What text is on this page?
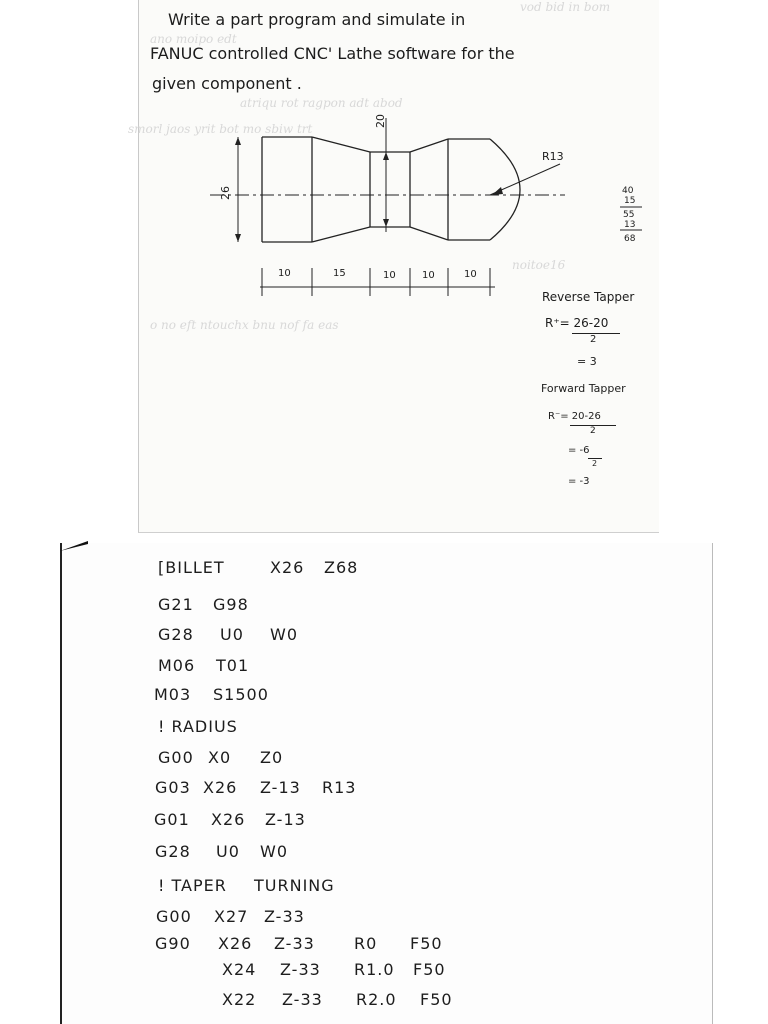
vod bid in bom
ano moipo edt
atriqu rot ragpon adt abod
smorl jaos yrit bot mo sbiw trt
o no eft ntouchx bnu nof fa eas
noitoe16
Write a part program and simulate in
FANUC controlled CNC' Lathe software for the
given component .
20
26
R13
10	15	10	10	10
40
15
55
13
68
Reverse Tapper
R⁺= 26-20
2
= 3
Forward Tapper
R⁻= 20-26
2
= -6
2
= -3
[BILLET	X26 Z68
G21 G98
G28 U0 W0
M06 T01
M03 S1500
! RADIUS
G00 X0 Z0
G03 X26 Z-13 R13
G01 X26 Z-13
G28 U0 W0
! TAPER TURNING
G00 X27 Z-33
G90 X26 Z-33 R0 F50
X24 Z-33 R1.0 F50
X22 Z-33 R2.0 F50
